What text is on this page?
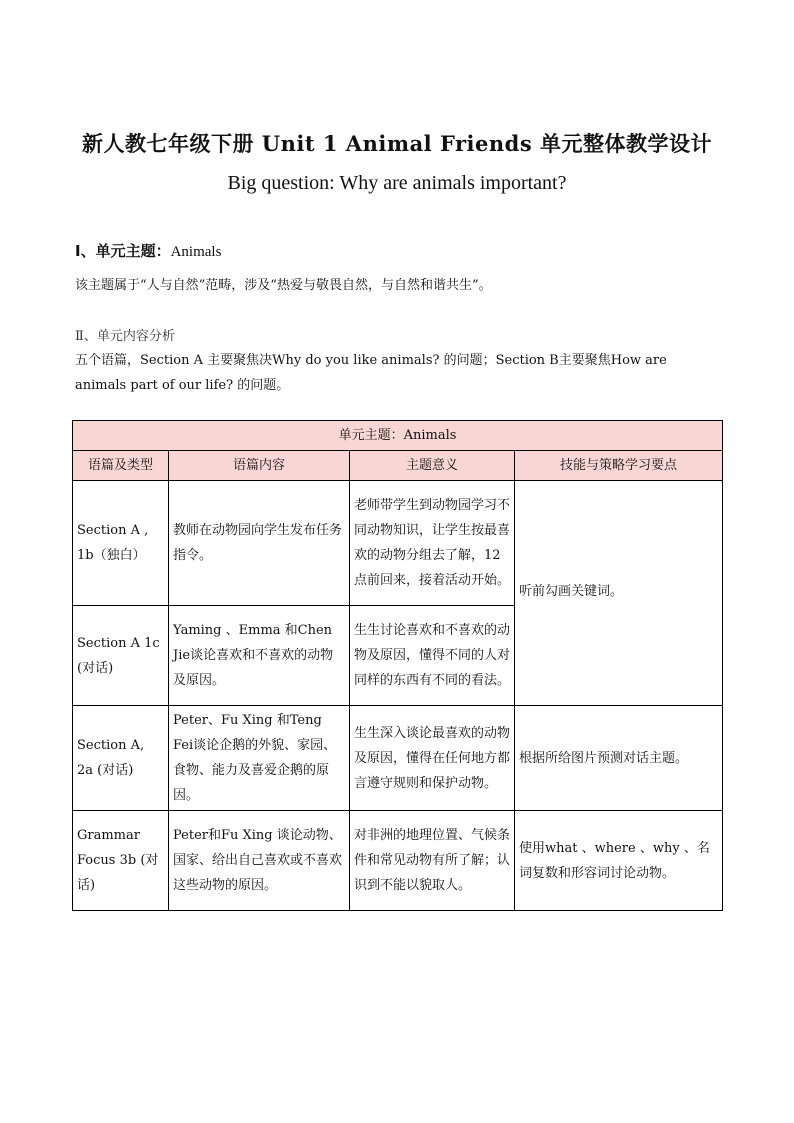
新人教七年级下册 Unit 1 Animal Friends 单元整体教学设计
Big question: Why are animals important?
Ⅰ、单元主题：Animals
该主题属于“人与自然”范畴，涉及“热爱与敬畏自然，与自然和谐共生”。
Ⅱ、单元内容分析
五个语篇，Section A 主要聚焦决Why do you like animals? 的问题；Section B主要聚焦How are animals part of our life? 的问题。
单元主题：Animals			
语篇及类型	语篇内容	主题意义	技能与策略学习要点
Section A , 1b（独白）	教师在动物园向学生发布任务指令。	老师带学生到动物园学习不同动物知识，让学生按最喜欢的动物分组去了解，12 点前回来，接着活动开始。	听前勾画关键词。
Section A 1c (对话)	Yaming 、Emma 和Chen Jie谈论喜欢和不喜欢的动物及原因。	生生讨论喜欢和不喜欢的动物及原因，懂得不同的人对同样的东西有不同的看法。	
Section A, 2a (对话)	Peter、Fu Xing 和Teng Fei谈论企鹅的外貌、家园、食物、能力及喜爱企鹅的原因。	生生深入谈论最喜欢的动物及原因，懂得在任何地方都言遵守规则和保护动物。	根据所给图片预测对话主题。
Grammar Focus 3b (对话)	Peter和Fu Xing 谈论动物、国家、给出自己喜欢或不喜欢这些动物的原因。	对非洲的地理位置、气候条件和常见动物有所了解；认识到不能以貌取人。	使用what 、where 、why 、名词复数和形容词讨论动物。
